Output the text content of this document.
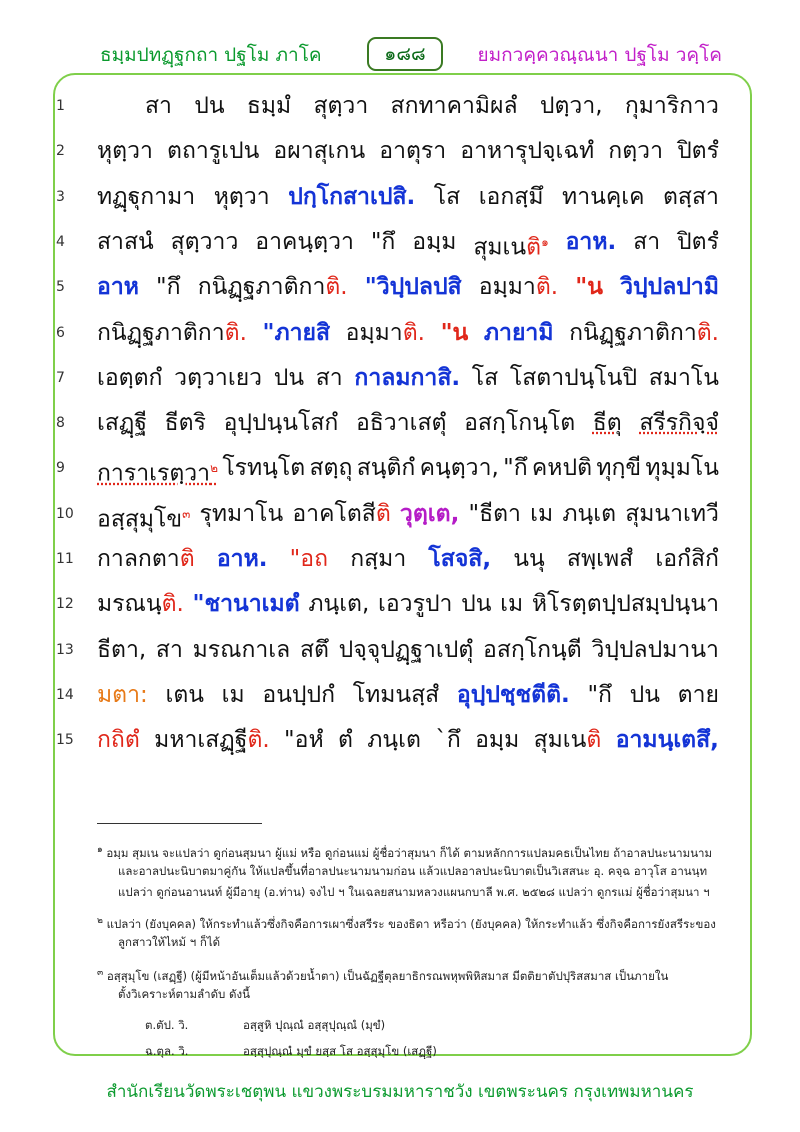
ธมฺมปทฏฺฐกถา ปฐโม ภาโค	๑๘๘	ยมกวคฺควณฺณนา ปฐโม วคฺโค
1	สา ปน ธมฺมํ สุตฺวา สกทาคามิผลํ ปตฺวา, กุมาริกาว
2 หุตฺวา ตถารูเปน อผาสุเกน อาตุรา อาหารุปจฺเฉทํ กตฺวา ปิตรํ
3 ทฏฺฐุกามา หุตฺวา ปกฺโกสาเปสิ. โส เอกสฺมึ ทานคฺเค ตสฺสา
4 สาสนํ สุตฺวาว อาคนฺตฺวา "กึ อมฺม สุมเนติ$^๑$ อาห. สา ปิตรํ
5 อาห "กึ กนิฏฺฐภาติกาติ. "วิปฺปลปสิ อมฺมาติ. "น วิปฺปลปามิ
6 กนิฏฺฐภาติกาติ. "ภายสิ อมฺมาติ. "น ภายามิ กนิฏฺฐภาติกาติ.
7 เอตฺตกํ วตฺวาเยว ปน สา กาลมกาสิ. โส โสตาปนฺโนปิ สมาโน
8 เสฏฺฐี ธีตริ อุปฺปนฺนโสกํ อธิวาเสตุํ อสกฺโกนฺโต ธีตุ สรีรกิจฺจํ
9 การาเรตฺวา$^๒$ โรทนฺโต สตฺถุ สนฺติกํ คนฺตฺวา, "กึ คหปติ ทุกฺขี ทุมฺมโน
10 อสฺสุมุโข$^๓$ รุทมาโน อาคโตสีติ วุตฺเต, "ธีตา เม ภนฺเต สุมนาเทวี
11 กาลกตาติ อาห. "อถ กสฺมา โสจสิ, นนุ สพฺเพสํ เอกํสิกํ
12 มรณนฺติ. "ชานาเมตํ ภนฺเต, เอวรูปา ปน เม หิโรตฺตปฺปสมฺปนฺนา
13 ธีตา, สา มรณกาเล สตึ ปจฺจุปฏฺฐาเปตุํ อสกฺโกนฺตี วิปฺปลปมานา
14 มตา: เตน เม อนปฺปกํ โทมนสฺสํ อุปฺปชฺชตีติ. "กึ ปน ตาย
15 กถิตํ มหาเสฏฺฐีติ. "อหํ ตํ ภนฺเต `กึ อมฺม สุมเนติ อามนฺเตสึ,
$^๑$ อมฺม สุมเน จะแปลว่า ดูก่อนสุมนา ผู้แม่ หรือ ดูก่อนแม่ ผู้ชื่อว่าสุมนา ก็ได้ ตามหลักการแปลมคธเป็นไทย ถ้าอาลปนะนามนาม
และอาลปนะนิบาตมาคู่กัน ให้แปลขึ้นที่อาลปนะนามนามก่อน แล้วแปลอาลปนะนิบาตเป็นวิเสสนะ อุ. คจฺฉ อาวุโส อานนฺท
แปลว่า ดูก่อนอานนท์ ผู้มีอายุ (อ.ท่าน) จงไป ฯ ในเฉลยสนามหลวงแผนกบาลี พ.ศ. ๒๕๒๘ แปลว่า ดูกรแม่ ผู้ชื่อว่าสุมนา ฯ
$^๒$ แปลว่า (ยังบุคคล) ให้กระทำแล้วซึ่งกิจคือการเผาซึ่งสรีระ ของธิดา หรือว่า (ยังบุคคล) ให้กระทำแล้ว ซึ่งกิจคือการยังสรีระของ
ลูกสาวให้ไหม้ ฯ ก็ได้
$^๓$ อสฺสุมุโข (เสฏฺฐี) (ผู้มีหน้าอันเต็มแล้วด้วยน้ำตา) เป็นฉัฏฐีตุลยาธิกรณพหุพพิหิสมาส มีตติยาตัปปุริสสมาส เป็นภายใน
ตั้งวิเคราะห์ตามลำดับ ดังนี้
ต.ตัป. วิ.	อสฺสูหิ ปุณฺณํ อสฺสุปุณฺณํ (มุขํ)
ฉ.ตุล. วิ.	อสฺสุปุณฺณํ มุขํ ยสฺส โส อสฺสุมุโข (เสฏฺฐี)
สำนักเรียนวัดพระเชตุพน แขวงพระบรมมหาราชวัง เขตพระนคร กรุงเทพมหานคร
